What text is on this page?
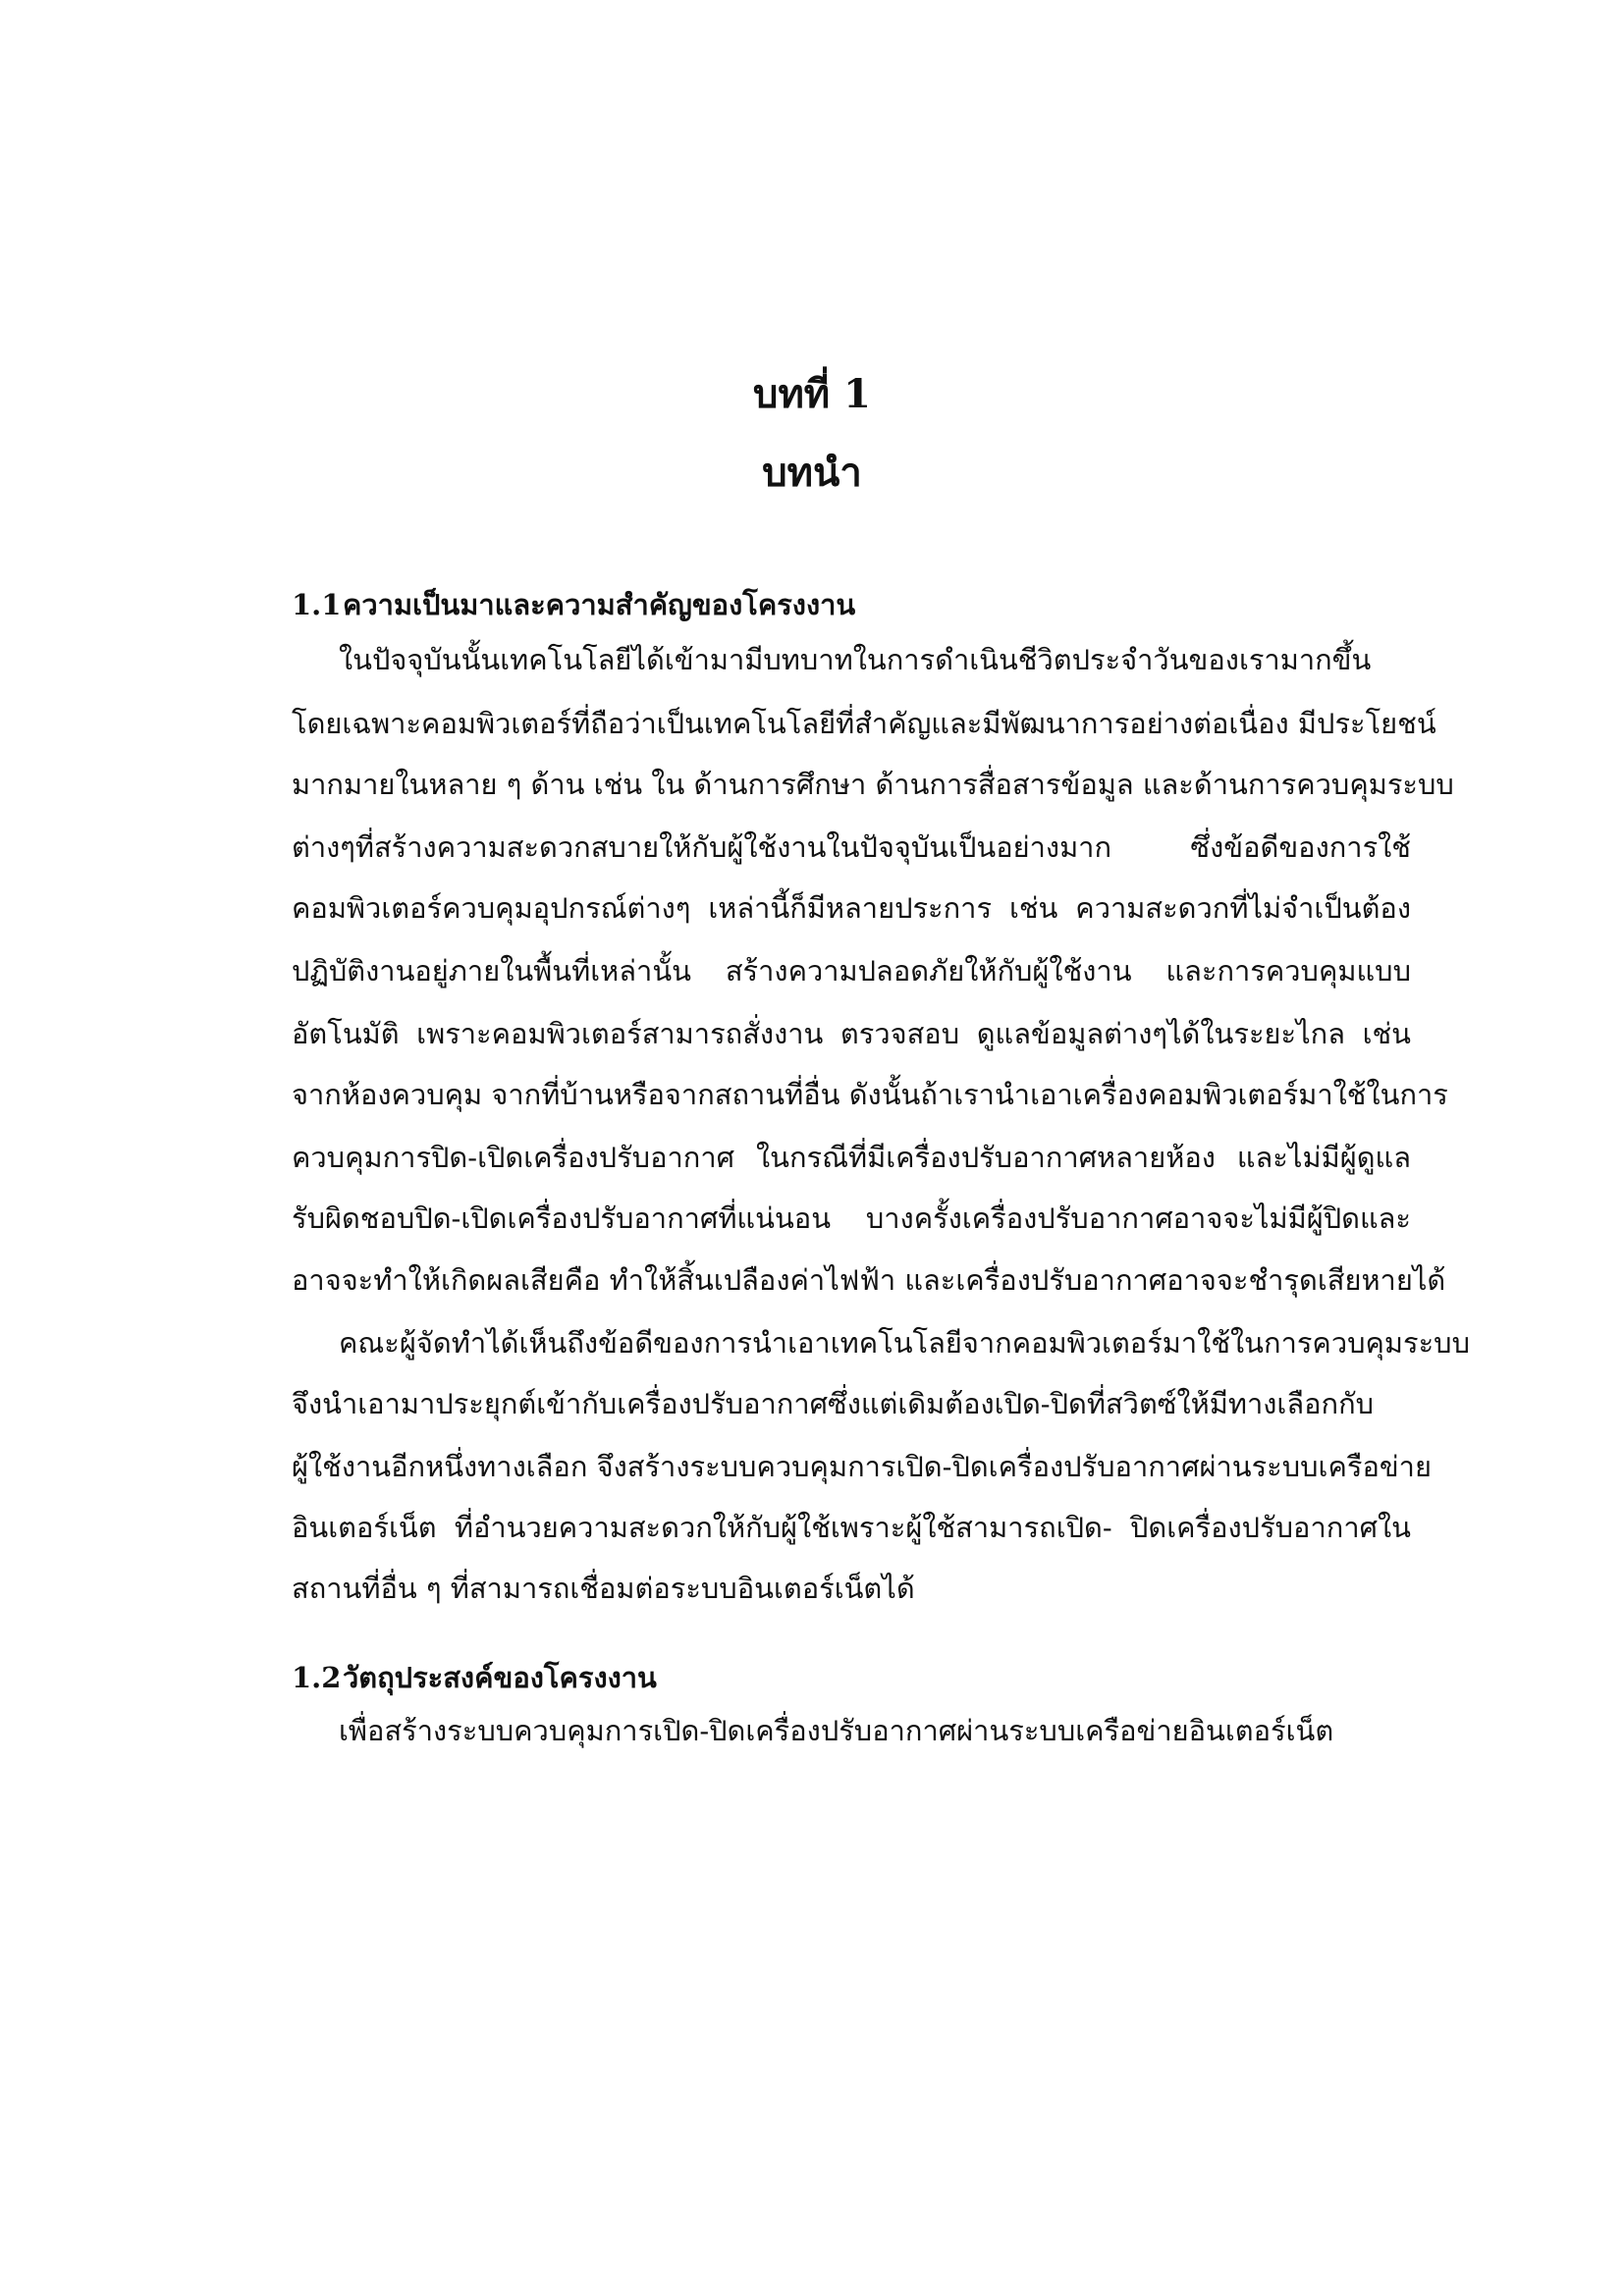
บทที่ 1
บทนำ
1.1ความเป็นมาและความสำคัญของโครงงาน
ในปัจจุบันนั้นเทคโนโลยีได้เข้ามามีบทบาทในการดำเนินชีวิตประจำวันของเรามากขึ้น
โดยเฉพาะคอมพิวเตอร์ที่ถือว่าเป็นเทคโนโลยีที่สำคัญและมีพัฒนาการอย่างต่อเนื่อง มีประโยชน์
มากมายในหลาย ๆ ด้าน เช่น ใน ด้านการศึกษา ด้านการสื่อสารข้อมูล และด้านการควบคุมระบบ
ต่างๆที่สร้างความสะดวกสบายให้กับผู้ใช้งานในปัจจุบันเป็นอย่างมาก ซึ่งข้อดีของการใช้
คอมพิวเตอร์ควบคุมอุปกรณ์ต่างๆ เหล่านี้ก็มีหลายประการ เช่น ความสะดวกที่ไม่จำเป็นต้อง
ปฏิบัติงานอยู่ภายในพื้นที่เหล่านั้น สร้างความปลอดภัยให้กับผู้ใช้งาน และการควบคุมแบบ
อัตโนมัติ เพราะคอมพิวเตอร์สามารถสั่งงาน ตรวจสอบ ดูแลข้อมูลต่างๆได้ในระยะไกล เช่น
จากห้องควบคุม จากที่บ้านหรือจากสถานที่อื่น ดังนั้นถ้าเรานำเอาเครื่องคอมพิวเตอร์มาใช้ในการ
ควบคุมการปิด-เปิดเครื่องปรับอากาศ ในกรณีที่มีเครื่องปรับอากาศหลายห้อง และไม่มีผู้ดูแล
รับผิดชอบปิด-เปิดเครื่องปรับอากาศที่แน่นอน บางครั้งเครื่องปรับอากาศอาจจะไม่มีผู้ปิดและ
อาจจะทำให้เกิดผลเสียคือ ทำให้สิ้นเปลืองค่าไฟฟ้า และเครื่องปรับอากาศอาจจะชำรุดเสียหายได้
คณะผู้จัดทำได้เห็นถึงข้อดีของการนำเอาเทคโนโลยีจากคอมพิวเตอร์มาใช้ในการควบคุมระบบ
จึงนำเอามาประยุกต์เข้ากับเครื่องปรับอากาศซึ่งแต่เดิมต้องเปิด-ปิดที่สวิตซ์ให้มีทางเลือกกับ
ผู้ใช้งานอีกหนึ่งทางเลือก จึงสร้างระบบควบคุมการเปิด-ปิดเครื่องปรับอากาศผ่านระบบเครือข่าย
อินเตอร์เน็ต ที่อำนวยความสะดวกให้กับผู้ใช้เพราะผู้ใช้สามารถเปิด- ปิดเครื่องปรับอากาศใน
สถานที่อื่น ๆ ที่สามารถเชื่อมต่อระบบอินเตอร์เน็ตได้
1.2วัตถุประสงค์ของโครงงาน
เพื่อสร้างระบบควบคุมการเปิด-ปิดเครื่องปรับอากาศผ่านระบบเครือข่ายอินเตอร์เน็ต
